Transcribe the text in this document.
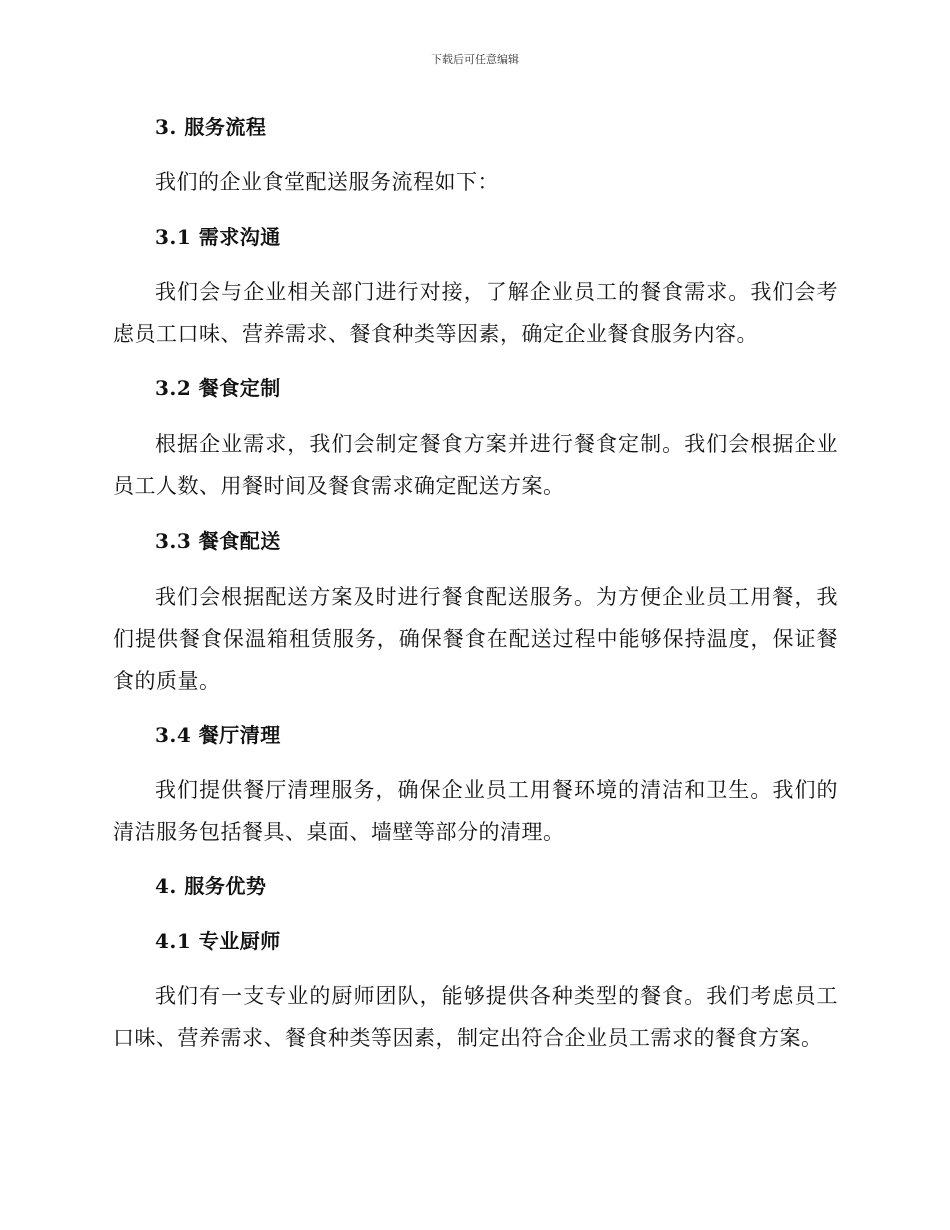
下载后可任意编辑
3. 服务流程
我们的企业食堂配送服务流程如下：
3.1 需求沟通
我们会与企业相关部门进行对接，了解企业员工的餐食需求。我们会考虑员工口味、营养需求、餐食种类等因素，确定企业餐食服务内容。
3.2 餐食定制
根据企业需求，我们会制定餐食方案并进行餐食定制。我们会根据企业员工人数、用餐时间及餐食需求确定配送方案。
3.3 餐食配送
我们会根据配送方案及时进行餐食配送服务。为方便企业员工用餐，我们提供餐食保温箱租赁服务，确保餐食在配送过程中能够保持温度，保证餐食的质量。
3.4 餐厅清理
我们提供餐厅清理服务，确保企业员工用餐环境的清洁和卫生。我们的清洁服务包括餐具、桌面、墙壁等部分的清理。
4. 服务优势
4.1 专业厨师
我们有一支专业的厨师团队，能够提供各种类型的餐食。我们考虑员工口味、营养需求、餐食种类等因素，制定出符合企业员工需求的餐食方案。
